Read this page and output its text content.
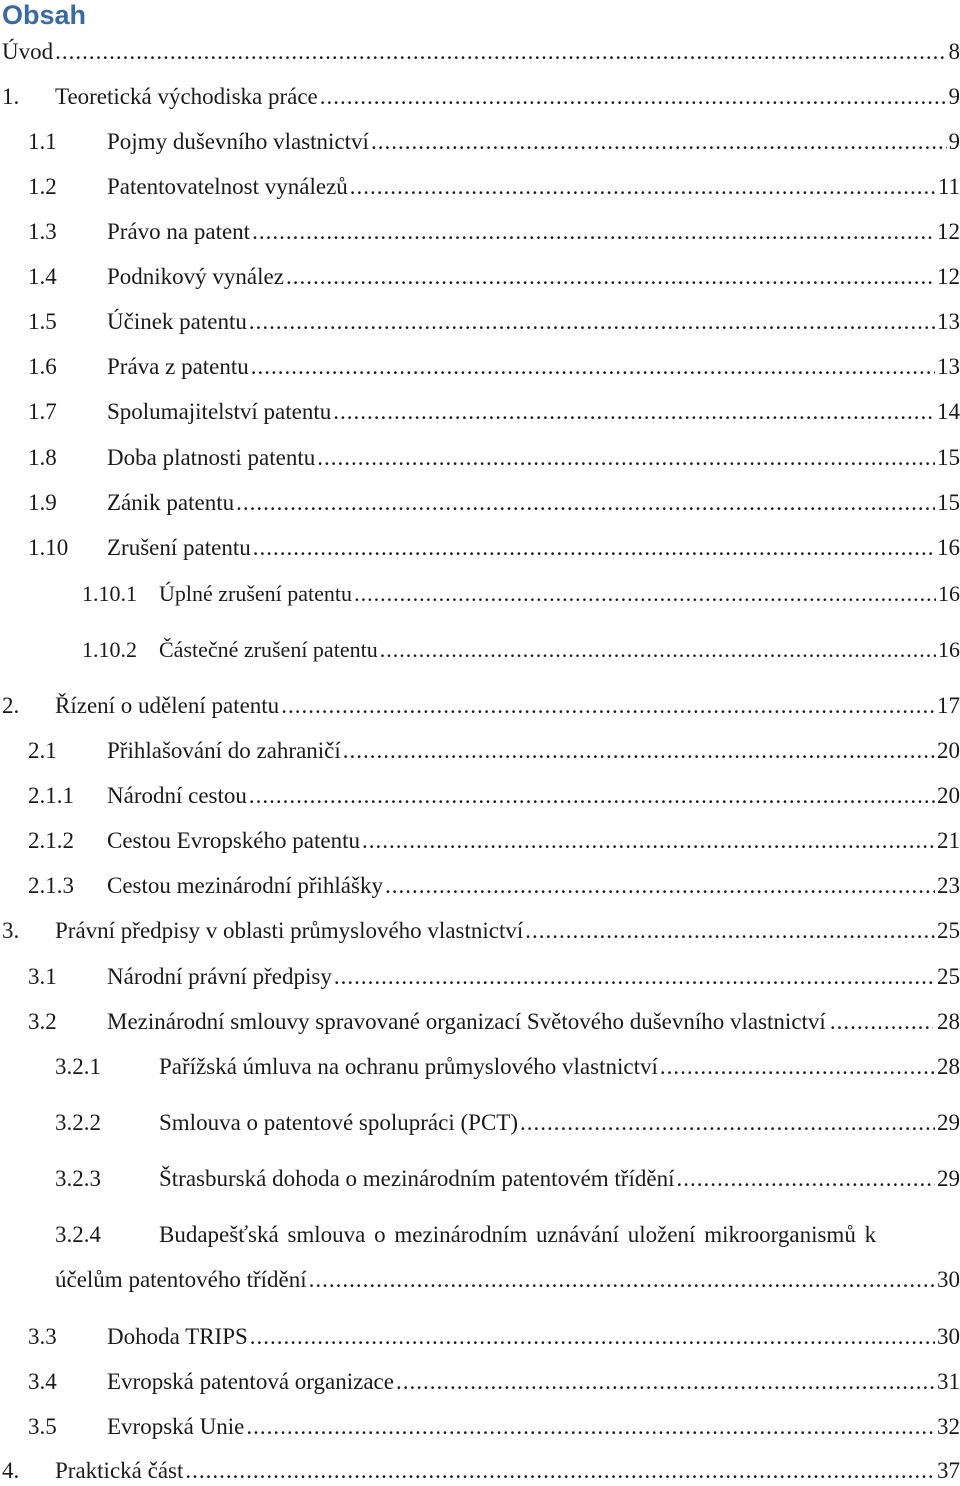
Obsah
Úvod .....	8
1. Teoretická východiska práce .....	9
1.1 Pojmy duševního vlastnictví .....	9
1.2 Patentovatelnost vynálezů .....	11
1.3 Právo na patent .....	12
1.4 Podnikový vynález .....	12
1.5 Účinek patentu .....	13
1.6 Práva z patentu .....	13
1.7 Spolumajitelství patentu .....	14
1.8 Doba platnosti patentu .....	15
1.9 Zánik patentu .....	15
1.10 Zrušení patentu .....	16
1.10.1 Úplné zrušení patentu .....	16
1.10.2 Částečné zrušení patentu .....	16
2. Řízení o udělení patentu .....	17
2.1 Přihlašování do zahraničí .....	20
2.1.1 Národní cestou .....	20
2.1.2 Cestou Evropského patentu .....	21
2.1.3 Cestou mezinárodní přihlášky .....	23
3. Právní předpisy v oblasti průmyslového vlastnictví .....	25
3.1 Národní právní předpisy .....	25
3.2 Mezinárodní smlouvy spravované organizací Světového duševního vlastnictví .....	28
3.2.1	Pařížská úmluva na ochranu průmyslového vlastnictví .....	28
3.2.2	Smlouva o patentové spolupráci (PCT) .....	29
3.2.3	Štrasburská dohoda o mezinárodním patentovém třídění .....	29
3.2.4	Budapešťská smlouva o mezinárodním uznávání uložení mikroorganismů k
účelům patentového třídění .....	30
3.3 Dohoda TRIPS .....	30
3.4 Evropská patentová organizace .....	31
3.5 Evropská Unie .....	32
4. Praktická část .....	37
